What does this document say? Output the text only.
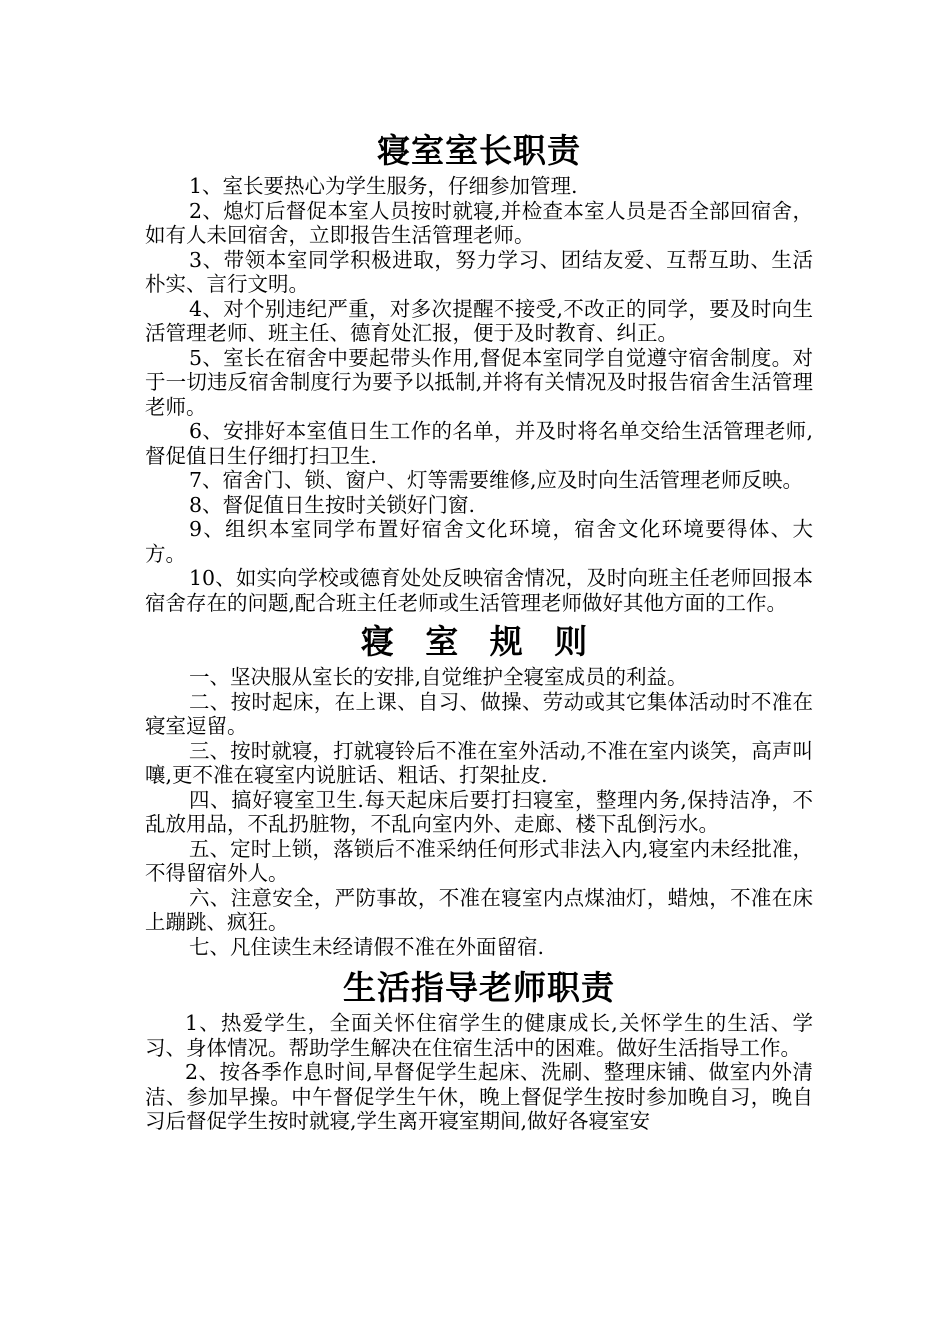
寝室室长职责

1、室长要热心为学生服务，仔细参加管理.

2、熄灯后督促本室人员按时就寝,并检查本室人员是否全部回宿舍，如有人未回宿舍，立即报告生活管理老师。

3、带领本室同学积极进取，努力学习、团结友爱、互帮互助、生活朴实、言行文明。

4、对个别违纪严重，对多次提醒不接受,不改正的同学，要及时向生活管理老师、班主任、德育处汇报，便于及时教育、纠正。

5、室长在宿舍中要起带头作用,督促本室同学自觉遵守宿舍制度。对于一切违反宿舍制度行为要予以抵制,并将有关情况及时报告宿舍生活管理老师。

6、安排好本室值日生工作的名单，并及时将名单交给生活管理老师,督促值日生仔细打扫卫生.

7、宿舍门、锁、窗户、灯等需要维修,应及时向生活管理老师反映。

8、督促值日生按时关锁好门窗.

9、组织本室同学布置好宿舍文化环境，宿舍文化环境要得体、大方。

10、如实向学校或德育处处反映宿舍情况，及时向班主任老师回报本宿舍存在的问题,配合班主任老师或生活管理老师做好其他方面的工作。

寝 室 规 则

一、坚决服从室长的安排,自觉维护全寝室成员的利益。

二、按时起床，在上课、自习、做操、劳动或其它集体活动时不准在寝室逗留。

三、按时就寝，打就寝铃后不准在室外活动,不准在室内谈笑，高声叫嚷,更不准在寝室内说脏话、粗话、打架扯皮.

四、搞好寝室卫生.每天起床后要打扫寝室，整理内务,保持洁净，不乱放用品，不乱扔脏物，不乱向室内外、走廊、楼下乱倒污水。

五、定时上锁，落锁后不准采纳任何形式非法入内,寝室内未经批准，不得留宿外人。

六、注意安全，严防事故，不准在寝室内点煤油灯，蜡烛，不准在床上蹦跳、疯狂。

七、凡住读生未经请假不准在外面留宿.

生活指导老师职责

1、热爱学生，全面关怀住宿学生的健康成长,关怀学生的生活、学习、身体情况。帮助学生解决在住宿生活中的困难。做好生活指导工作。

2、按各季作息时间,早督促学生起床、洗刷、整理床铺、做室内外清洁、参加早操。中午督促学生午休，晚上督促学生按时参加晚自习，晚自习后督促学生按时就寝,学生离开寝室期间,做好各寝室安
